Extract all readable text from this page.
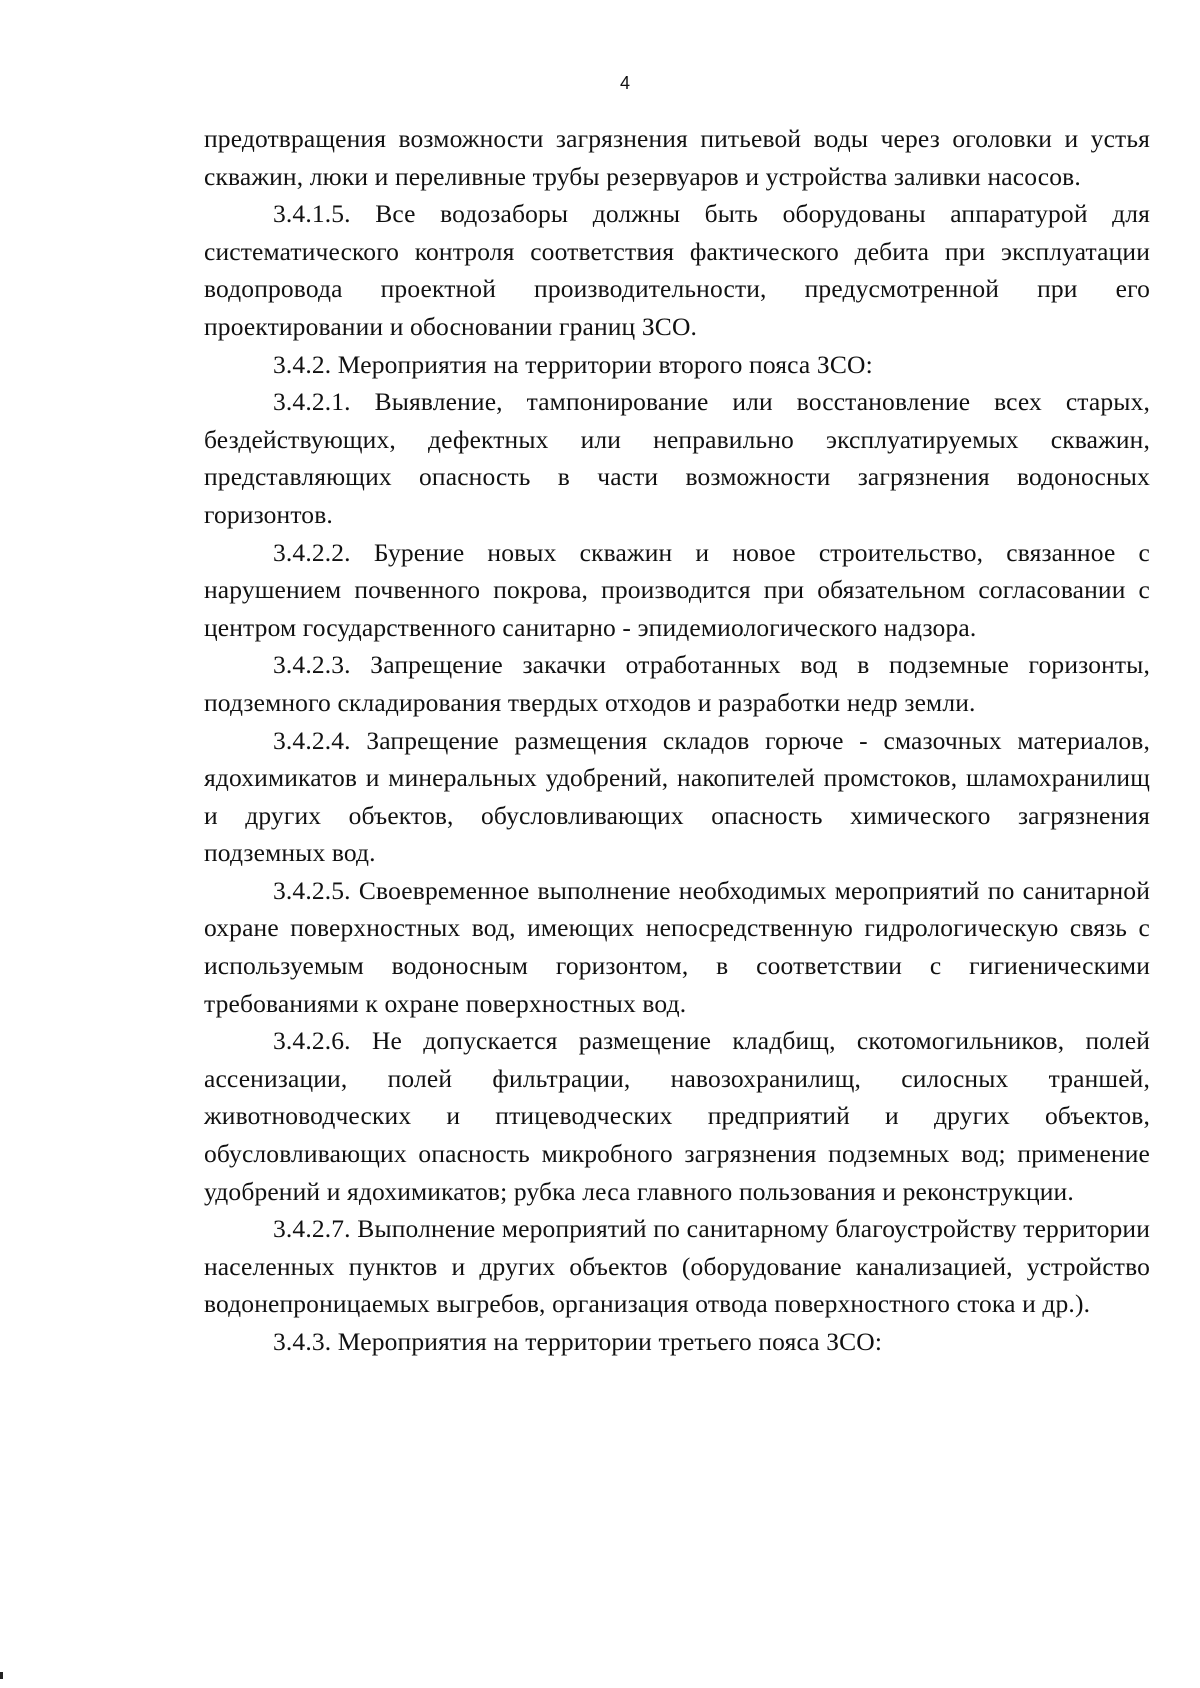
4

предотвращения возможности загрязнения питьевой воды через оголовки и устья скважин, люки и переливные трубы резервуаров и устройства заливки насосов.

3.4.1.5. Все водозаборы должны быть оборудованы аппаратурой для систематического контроля соответствия фактического дебита при эксплуатации водопровода проектной производительности, предусмотренной при его проектировании и обосновании границ ЗСО.

3.4.2. Мероприятия на территории второго пояса ЗСО:

3.4.2.1. Выявление, тампонирование или восстановление всех старых, бездействующих, дефектных или неправильно эксплуатируемых скважин, представляющих опасность в части возможности загрязнения водоносных горизонтов.

3.4.2.2. Бурение новых скважин и новое строительство, связанное с нарушением почвенного покрова, производится при обязательном согласовании с центром государственного санитарно - эпидемиологического надзора.

3.4.2.3. Запрещение закачки отработанных вод в подземные горизонты, подземного складирования твердых отходов и разработки недр земли.

3.4.2.4. Запрещение размещения складов горюче - смазочных материалов, ядохимикатов и минеральных удобрений, накопителей промстоков, шламохранилищ и других объектов, обусловливающих опасность химического загрязнения подземных вод.

3.4.2.5. Своевременное выполнение необходимых мероприятий по санитарной охране поверхностных вод, имеющих непосредственную гидрологическую связь с используемым водоносным горизонтом, в соответствии с гигиеническими требованиями к охране поверхностных вод.

3.4.2.6. Не допускается размещение кладбищ, скотомогильников, полей ассенизации, полей фильтрации, навозохранилищ, силосных траншей, животноводческих и птицеводческих предприятий и других объектов, обусловливающих опасность микробного загрязнения подземных вод; применение удобрений и ядохимикатов; рубка леса главного пользования и реконструкции.

3.4.2.7. Выполнение мероприятий по санитарному благоустройству территории населенных пунктов и других объектов (оборудование канализацией, устройство водонепроницаемых выгребов, организация отвода поверхностного стока и др.).

3.4.3. Мероприятия на территории третьего пояса ЗСО:
